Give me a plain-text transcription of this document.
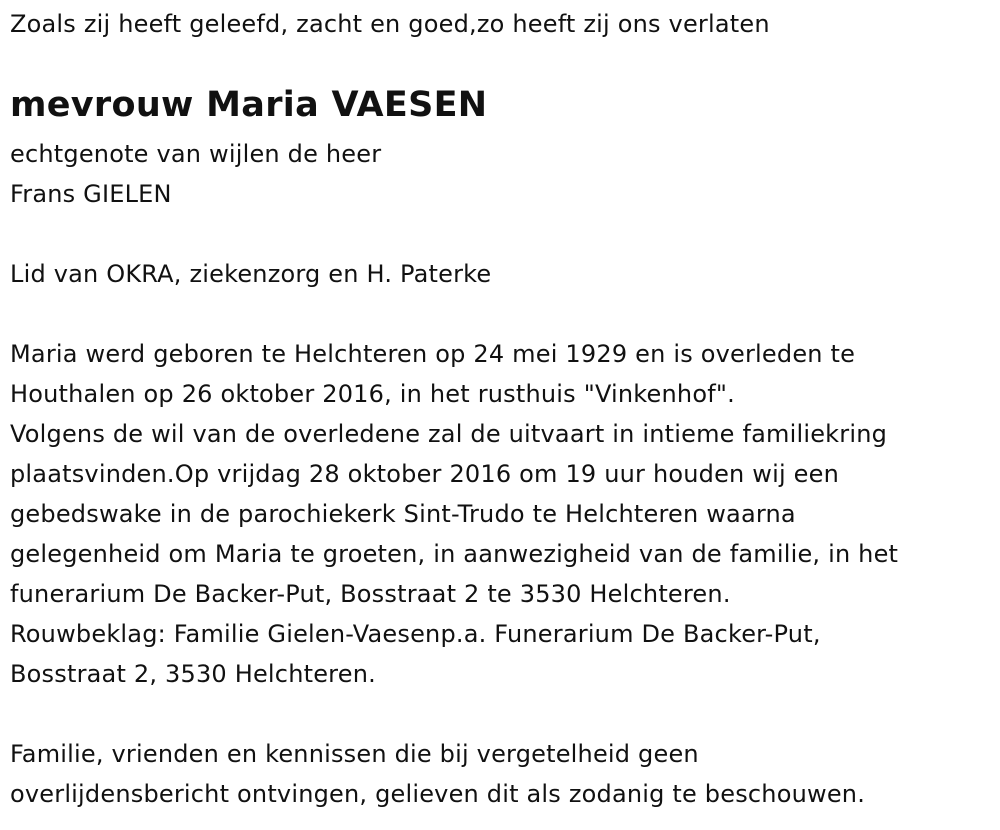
Zoals zij heeft geleefd, zacht en goed,zo heeft zij ons verlaten
mevrouw Maria VAESEN
echtgenote van wijlen de heer
Frans GIELEN
Lid van OKRA, ziekenzorg en H. Paterke
Maria werd geboren te Helchteren op 24 mei 1929 en is overleden te
Houthalen op 26 oktober 2016, in het rusthuis "Vinkenhof".
Volgens de wil van de overledene zal de uitvaart in intieme familiekring
plaatsvinden.Op vrijdag 28 oktober 2016 om 19 uur houden wij een
gebedswake in de parochiekerk Sint-Trudo te Helchteren waarna
gelegenheid om Maria te groeten, in aanwezigheid van de familie, in het
funerarium De Backer-Put, Bosstraat 2 te 3530 Helchteren.
Rouwbeklag: Familie Gielen-Vaesenp.a. Funerarium De Backer-Put,
Bosstraat 2, 3530 Helchteren.
Familie, vrienden en kennissen die bij vergetelheid geen
overlijdensbericht ontvingen, gelieven dit als zodanig te beschouwen.
